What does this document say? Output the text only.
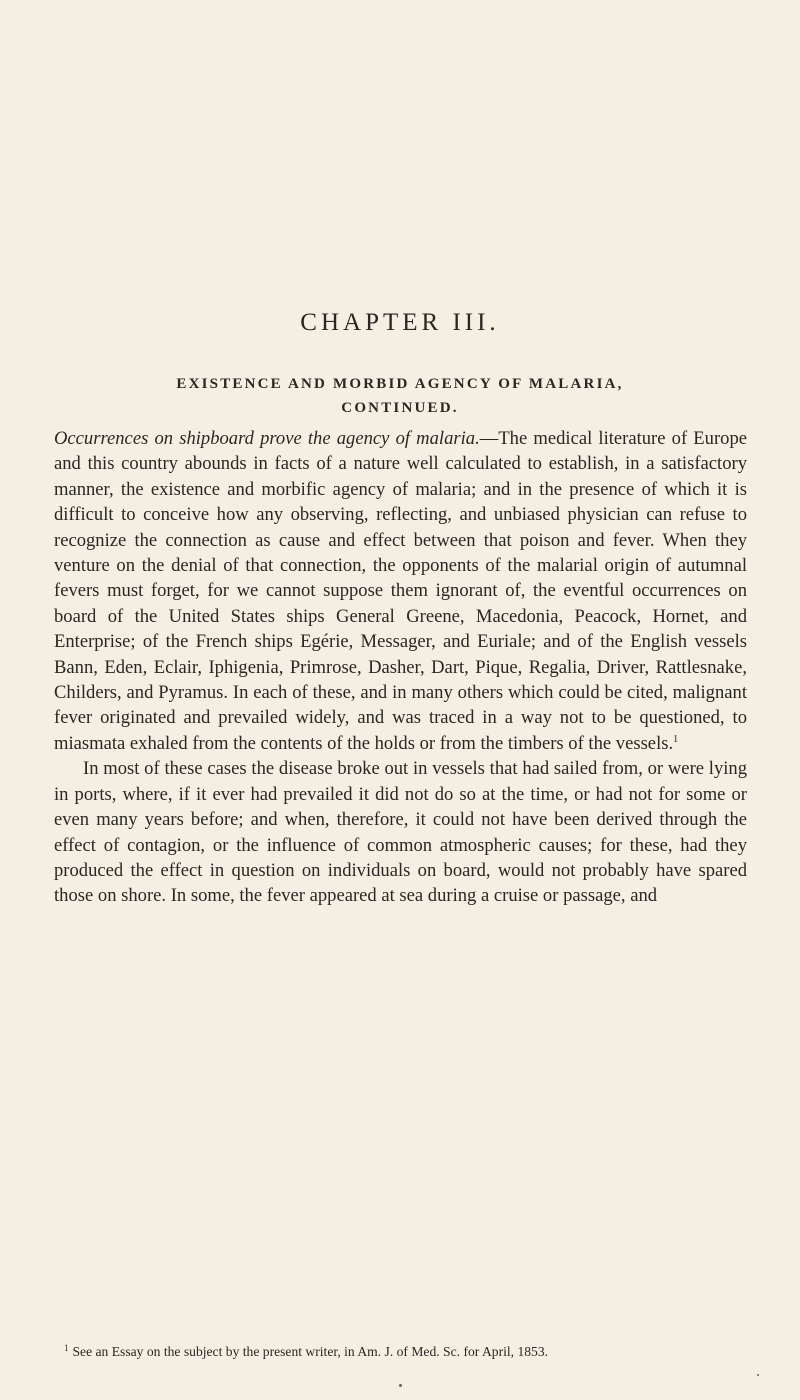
CHAPTER III.
EXISTENCE AND MORBID AGENCY OF MALARIA,
CONTINUED.

Occurrences on shipboard prove the agency of malaria.—The medical literature of Europe and this country abounds in facts of a nature well calculated to establish, in a satisfactory manner, the existence and morbific agency of malaria; and in the presence of which it is difficult to conceive how any observing, reflecting, and unbiased physician can refuse to recognize the connection as cause and effect between that poison and fever. When they venture on the denial of that connection, the opponents of the malarial origin of autumnal fevers must forget, for we cannot suppose them ignorant of, the eventful occurrences on board of the United States ships General Greene, Macedonia, Peacock, Hornet, and Enterprise; of the French ships Egérie, Messager, and Euriale; and of the English vessels Bann, Eden, Eclair, Iphigenia, Primrose, Dasher, Dart, Pique, Regalia, Driver, Rattlesnake, Childers, and Pyramus. In each of these, and in many others which could be cited, malignant fever originated and prevailed widely, and was traced in a way not to be questioned, to miasmata exhaled from the contents of the holds or from the timbers of the vessels.$^1$

In most of these cases the disease broke out in vessels that had sailed from, or were lying in ports, where, if it ever had prevailed it did not do so at the time, or had not for some or even many years before; and when, therefore, it could not have been derived through the effect of contagion, or the influence of common atmospheric causes; for these, had they produced the effect in question on individuals on board, would not probably have spared those on shore. In some, the fever appeared at sea during a cruise or passage, and

$^1$ See an Essay on the subject by the present writer, in Am. J. of Med. Sc. for April, 1853.
